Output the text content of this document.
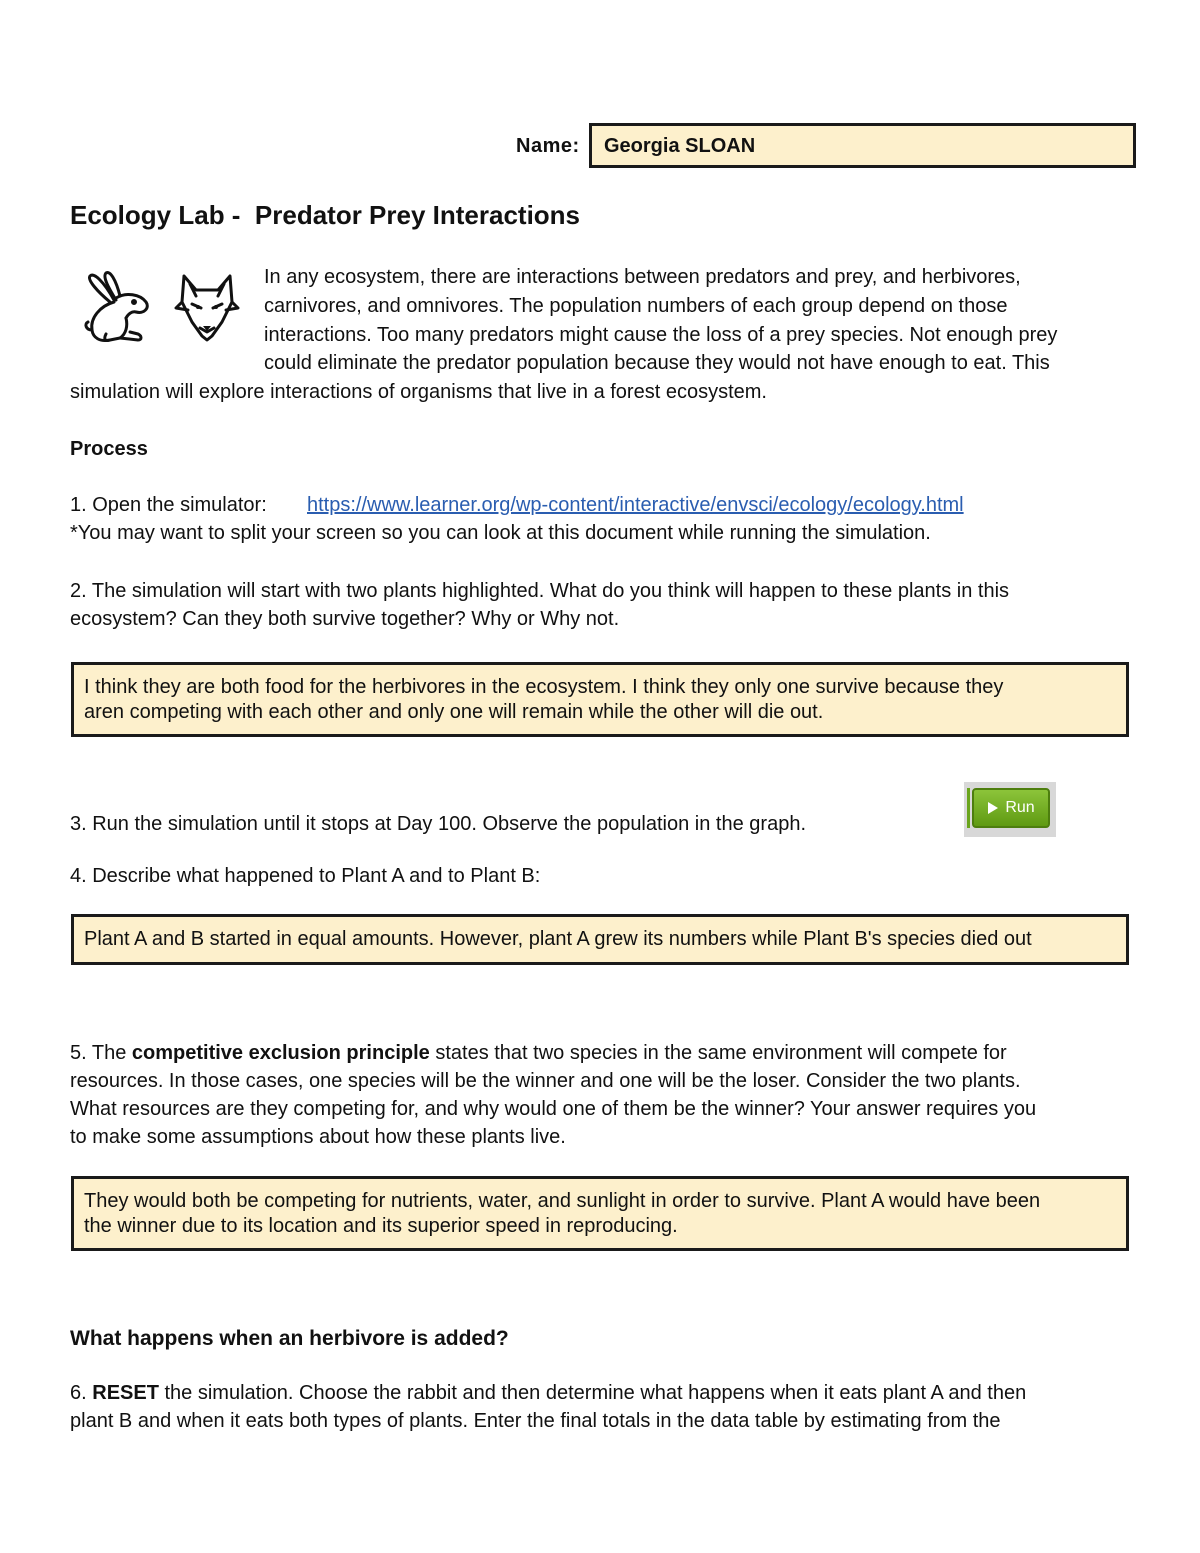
Name:	Georgia SLOAN
Ecology Lab -  Predator Prey Interactions
In any ecosystem, there are interactions between predators and prey, and herbivores,
carnivores, and omnivores. The population numbers of each group depend on those
interactions. Too many predators might cause the loss of a prey species. Not enough prey
could eliminate the predator population because they would not have enough to eat. This
simulation will explore interactions of organisms that live in a forest ecosystem.
Process
1. Open the simulator: https://www.learner.org/wp-content/interactive/envsci/ecology/ecology.html
*You may want to split your screen so you can look at this document while running the simulation.
2. The simulation will start with two plants highlighted. What do you think will happen to these plants in this
ecosystem? Can they both survive together? Why or Why not.
I think they are both food for the herbivores in the ecosystem. I think they only one survive because they
aren competing with each other and only one will remain while the other will die out.
Run
3. Run the simulation until it stops at Day 100. Observe the population in the graph.
4. Describe what happened to Plant A and to Plant B:
Plant A and B started in equal amounts. However, plant A grew its numbers while Plant B's species died out
5. The competitive exclusion principle states that two species in the same environment will compete for
resources. In those cases, one species will be the winner and one will be the loser. Consider the two plants.
What resources are they competing for, and why would one of them be the winner? Your answer requires you
to make some assumptions about how these plants live.
They would both be competing for nutrients, water, and sunlight in order to survive. Plant A would have been
the winner due to its location and its superior speed in reproducing.
What happens when an herbivore is added?
6. RESET the simulation. Choose the rabbit and then determine what happens when it eats plant A and then
plant B and when it eats both types of plants. Enter the final totals in the data table by estimating from the
